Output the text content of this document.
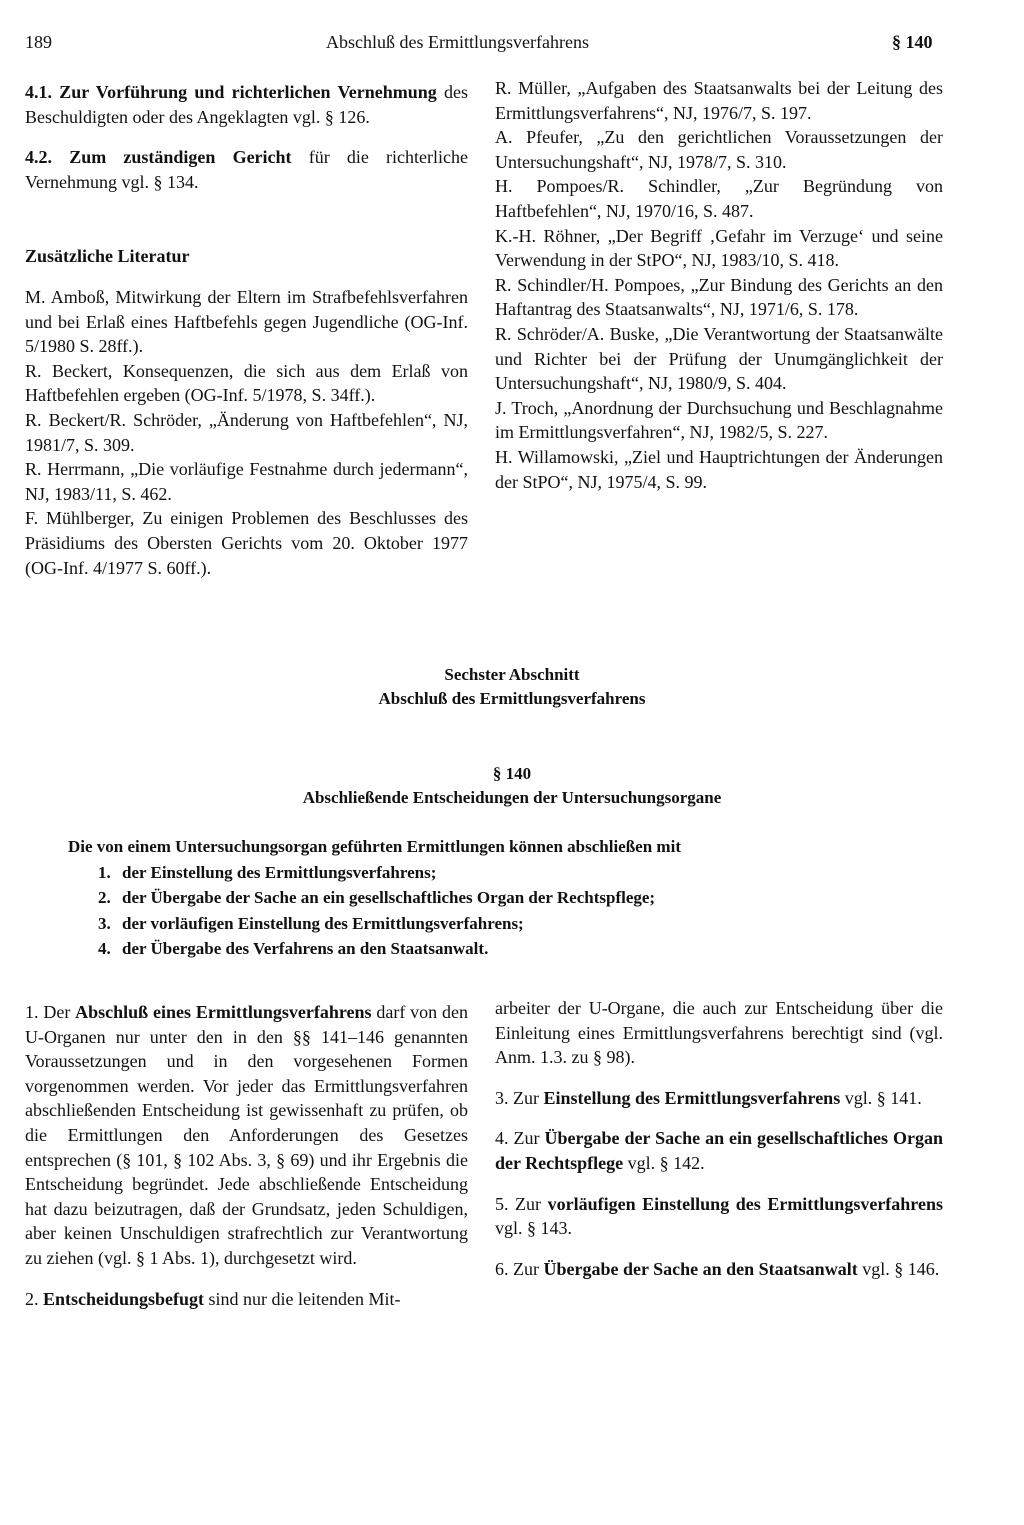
189	Abschluß des Ermittlungsverfahrens	§ 140

4.1. Zur Vorführung und richterlichen Vernehmung des Beschuldigten oder des Angeklagten vgl. § 126.

4.2. Zum zuständigen Gericht für die richterliche Vernehmung vgl. § 134.

Zusätzliche Literatur

M. Amboß, Mitwirkung der Eltern im Strafbefehlsverfahren und bei Erlaß eines Haftbefehls gegen Jugendliche (OG-Inf. 5/1980 S. 28ff.).

R. Beckert, Konsequenzen, die sich aus dem Erlaß von Haftbefehlen ergeben (OG-Inf. 5/1978, S. 34ff.).

R. Beckert/R. Schröder, „Änderung von Haftbefehlen“, NJ, 1981/7, S. 309.

R. Herrmann, „Die vorläufige Festnahme durch jedermann“, NJ, 1983/11, S. 462.

F. Mühlberger, Zu einigen Problemen des Beschlusses des Präsidiums des Obersten Gerichts vom 20. Oktober 1977 (OG-Inf. 4/1977 S. 60ff.).

R. Müller, „Aufgaben des Staatsanwalts bei der Leitung des Ermittlungsverfahrens“, NJ, 1976/7, S. 197.

A. Pfeufer, „Zu den gerichtlichen Voraussetzungen der Untersuchungshaft“, NJ, 1978/7, S. 310.

H. Pompoes/R. Schindler, „Zur Begründung von Haftbefehlen“, NJ, 1970/16, S. 487.

K.-H. Röhner, „Der Begriff ‚Gefahr im Verzuge‘ und seine Verwendung in der StPO“, NJ, 1983/10, S. 418.

R. Schindler/H. Pompoes, „Zur Bindung des Gerichts an den Haftantrag des Staatsanwalts“, NJ, 1971/6, S. 178.

R. Schröder/A. Buske, „Die Verantwortung der Staatsanwälte und Richter bei der Prüfung der Unumgänglichkeit der Untersuchungshaft“, NJ, 1980/9, S. 404.

J. Troch, „Anordnung der Durchsuchung und Beschlagnahme im Ermittlungsverfahren“, NJ, 1982/5, S. 227.

H. Willamowski, „Ziel und Hauptrichtungen der Änderungen der StPO“, NJ, 1975/4, S. 99.

Sechster Abschnitt
Abschluß des Ermittlungsverfahrens
§ 140
Abschließende Entscheidungen der Untersuchungsorgane
Die von einem Untersuchungsorgan geführten Ermittlungen können abschließen mit
1. der Einstellung des Ermittlungsverfahrens;
2. der Übergabe der Sache an ein gesellschaftliches Organ der Rechtspflege;
3. der vorläufigen Einstellung des Ermittlungsverfahrens;
4. der Übergabe des Verfahrens an den Staatsanwalt.

1. Der Abschluß eines Ermittlungsverfahrens darf von den U-Organen nur unter den in den §§ 141–146 genannten Voraussetzungen und in den vorgesehenen Formen vorgenommen werden. Vor jeder das Ermittlungsverfahren abschließenden Entscheidung ist gewissenhaft zu prüfen, ob die Ermittlungen den Anforderungen des Gesetzes entsprechen (§ 101, § 102 Abs. 3, § 69) und ihr Ergebnis die Entscheidung begründet. Jede abschließende Entscheidung hat dazu beizutragen, daß der Grundsatz, jeden Schuldigen, aber keinen Unschuldigen strafrechtlich zur Verantwortung zu ziehen (vgl. § 1 Abs. 1), durchgesetzt wird.

2. Entscheidungsbefugt sind nur die leitenden Mit-

arbeiter der U-Organe, die auch zur Entscheidung über die Einleitung eines Ermittlungsverfahrens berechtigt sind (vgl. Anm. 1.3. zu § 98).

3. Zur Einstellung des Ermittlungsverfahrens vgl. § 141.

4. Zur Übergabe der Sache an ein gesellschaftliches Organ der Rechtspflege vgl. § 142.

5. Zur vorläufigen Einstellung des Ermittlungsverfahrens vgl. § 143.

6. Zur Übergabe der Sache an den Staatsanwalt vgl. § 146.
